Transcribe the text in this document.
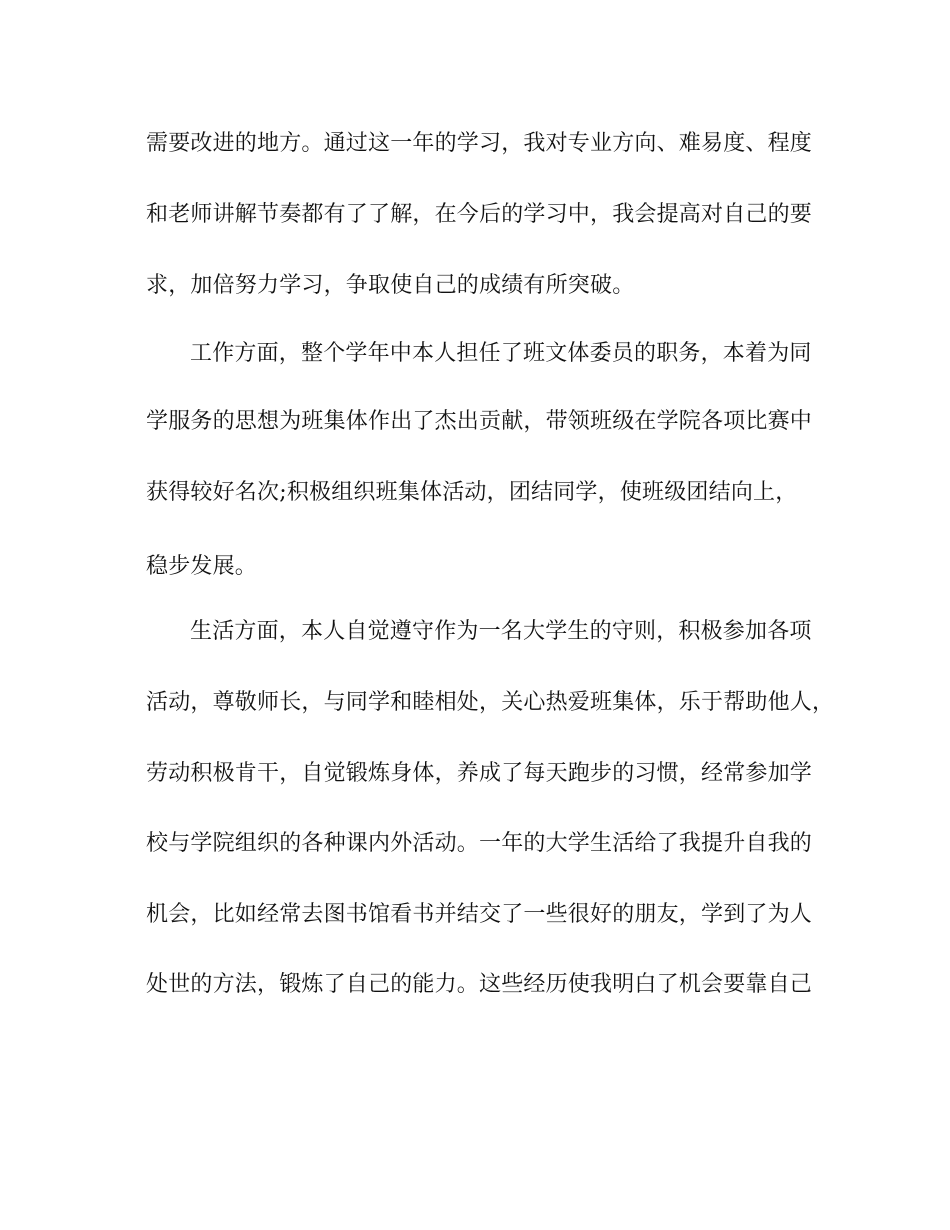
需要改进的地方。通过这一年的学习，我对专业方向、难易度、程度
和老师讲解节奏都有了了解，在今后的学习中，我会提高对自己的要
求，加倍努力学习，争取使自己的成绩有所突破。
工作方面，整个学年中本人担任了班文体委员的职务，本着为同
学服务的思想为班集体作出了杰出贡献，带领班级在学院各项比赛中
获得较好名次;积极组织班集体活动，团结同学，使班级团结向上，
稳步发展。
生活方面，本人自觉遵守作为一名大学生的守则，积极参加各项
活动，尊敬师长，与同学和睦相处，关心热爱班集体，乐于帮助他人，
劳动积极肯干，自觉锻炼身体，养成了每天跑步的习惯，经常参加学
校与学院组织的各种课内外活动。一年的大学生活给了我提升自我的
机会，比如经常去图书馆看书并结交了一些很好的朋友，学到了为人
处世的方法，锻炼了自己的能力。这些经历使我明白了机会要靠自己
